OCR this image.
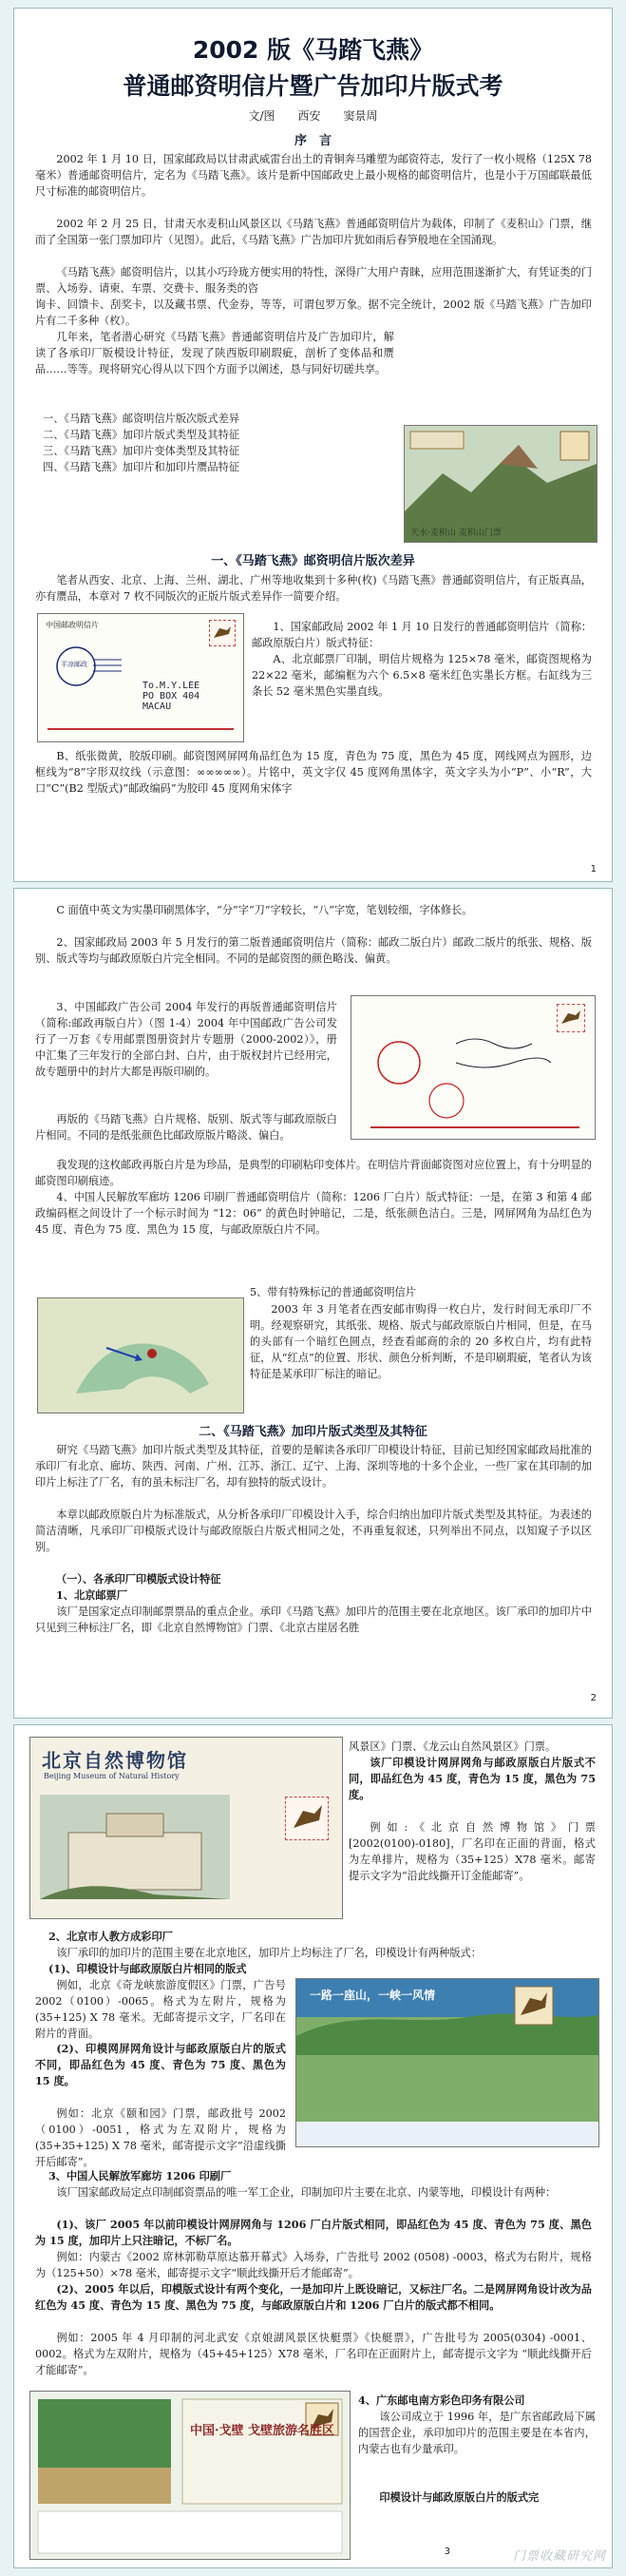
2002 版《马踏飞燕》
普通邮资明信片暨广告加印片版式考
文/图　　西安　　窦景周
序　言
2002 年 1 月 10 日，国家邮政局以甘肃武威雷台出土的青铜奔马雕塑为邮资符志，发行了一枚小规格（125X 78 毫米）普通邮资明信片，定名为《马踏飞燕》。该片是新中国邮政史上最小规格的邮资明信片，也是小于万国邮联最低尺寸标准的邮资明信片。
2002 年 2 月 25 日，甘肃天水麦积山风景区以《马踏飞燕》普通邮资明信片为载体，印制了《麦积山》门票，继而了全国第一张门票加印片（见图）。此后，《马踏飞燕》广告加印片犹如雨后春笋般地在全国涌现。
《马踏飞燕》邮资明信片，以其小巧玲珑方便实用的特性，深得广大用户青睐，应用范围遂渐扩大，有凭证类的门票、入场券、请柬、车票、交费卡、服务类的咨
询卡、回馈卡、刮奖卡，以及藏书票、代金券，等等，可谓包罗万象。据不完全统计，2002 版《马踏飞燕》广告加印片有二千多种（枚）。
几年来，笔者潜心研究《马踏飞燕》普通邮资明信片及广告加印片，解读了各承印厂版模设计特征，发现了陕西版印刷瑕疵，剖析了变体品和赝品……等等。现将研究心得从以下四个方面予以阐述，恳与同好切磋共享。
一、《马踏飞燕》邮资明信片版次版式差异
二、《马踏飞燕》加印片版式类型及其特征
三、《马踏飞燕》加印片变体类型及其特征
四、《马踏飞燕》加印片和加印片赝品特征
天水·麦积山 麦积山门票
一、《马踏飞燕》邮资明信片版次差异
笔者从西安、北京、上海、兰州、湖北、广州等地收集到十多种(枚)《马踏飞燕》普通邮资明信片，有正版真品，亦有赝品，本章对 7 枚不同版次的正版片版式差异作一简要介绍。
中国邮政明信片
平凉邮政
To.M.Y.LEE
PO BOX 404
MACAU
1、国家邮政局 2002 年 1 月 10 日发行的普通邮资明信片（简称：邮政原版白片）版式特征：
A、北京邮票厂印制，明信片规格为 125×78 毫米，邮资图规格为 22×22 毫米，邮编框为六个 6.5×8 毫米红色实墨长方框。右缸线为三条长 52 毫米黑色实墨直线。
B、纸张微黄，胶版印刷。邮资图网屏网角品红色为 15 度，青色为 75 度，黑色为 45 度，网线网点为圆形，边框线为“8”字形双纹线（示意图：∞∞∞∞∞）。片铭中，英文字仅 45 度网角黑体字，英文字头为小“P”、小“R”，大口“C”(B2 型版式)“邮政编码”为胶印 45 度网角宋体字
1
C 面值中英文为实墨印刷黑体字，“分”字“刀”字较长，“八”字宽，笔划较细，字体修长。
2、国家邮政局 2003 年 5 月发行的第二版普通邮资明信片（简称：邮政二版白片）邮政二版片的纸张、规格、版别、版式等均与邮政原版白片完全相同。不同的是邮资图的颜色略浅、偏黄。
3、中国邮政广告公司 2004 年发行的再版普通邮资明信片（简称:邮政再版白片）（图 1-4）2004 年中国邮政广告公司发行了一万套《专用邮票图册资封片专题册（2000-2002）》，册中汇集了三年发行的全部白封、白片，由于版权封片已经用完，故专题册中的封片大都是再版印刷的。
再版的《马踏飞燕》白片规格、版别、版式等与邮政原版白片相同。不同的是纸张颜色比邮政原版片略淡、偏白。
我发现的这枚邮政再版白片是为珍品，是典型的印刷粘印变体片。在明信片背面邮资图对应位置上，有十分明显的邮资图印刷痕迹。
4、中国人民解放军廊坊 1206 印刷厂普通邮资明信片（简称：1206 厂白片）版式特征：一是，在第 3 和第 4 邮政编码框之间设计了一个标示时间为 “12：06” 的黄色时钟暗记，二是，纸张颜色洁白。三是，网屏网角为品红色为 45 度、青色为 75 度、黑色为 15 度，与邮政原版白片不同。
5、带有特殊标记的普通邮资明信片
2003 年 3 月笔者在西安邮市购得一枚白片，发行时间无承印厂不明。经观察研究，其纸张、规格、版式与邮政原版白片相同，但是，在马的头部有一个暗红色圆点，经查看邮商的余的 20 多枚白片，均有此特征，从“红点”的位置、形状、颜色分析判断，不是印刷瑕疵，笔者认为该特征是某承印厂标注的暗记。
二、《马踏飞燕》加印片版式类型及其特征
研究《马踏飞燕》加印片版式类型及其特征，首要的是解读各承印厂印模设计特征，目前已知经国家邮政局批准的承印厂有北京、廊坊、陕西、河南、广州、江苏、浙江、辽宁、上海、深圳等地的十多个企业，一些厂家在其印制的加印片上标注了厂名，有的虽未标注厂名，却有独特的版式设计。
本章以邮政原版白片为标准版式，从分析各承印厂印模设计入手，综合归纳出加印片版式类型及其特征。为表述的简洁清晰，凡承印厂印模版式设计与邮政原版白片版式相同之处，不再重复叙述，只列举出不同点，以知窥子予以区别。
（一）、各承印厂印模版式设计特征
1、北京邮票厂
该厂是国家定点印制邮票票品的重点企业。承印《马踏飞燕》加印片的范围主要在北京地区。该厂承印的加印片中只见到三种标注厂名，即《北京自然博物馆》门票、《北京古崖居名胜
2
北京自然博物馆
Beijing Museum of Natural History
风景区》门票、《龙云山自然风景区》门票。
该厂印模设计网屏网角与邮政原版白片版式不同，即品红色为 45 度，青色为 15 度，黑色为 75 度。
例如:《北京自然博物馆》门票 [2002(0100)-0180]，厂名印在正面的背面，格式为左单排片，规格为（35+125）X78 毫米。邮寄提示文字为“沿此线撕开订金能邮寄”。
2、北京市人教方成彩印厂
该厂承印的加印片的范围主要在北京地区，加印片上均标注了厂名，印模设计有两种版式：
(1)、印模设计与邮政原版白片相同的版式
例如，北京《奇龙峡旅游度假区》门票，广告号 2002（0100）-0065。格式为左附片，规格为 (35+125) X 78 毫米。无邮寄提示文字，厂名印在附片的背面。
(2)、印模网屏网角设计与邮政原版白片的版式不同，即品红色为 45 度、青色为 75 度、黑色为 15 度。
例如：北京《颐和园》门票，邮政批号 2002（0100）-0051，格式为左双附片，规格为 (35+35+125) X 78 毫米，邮寄提示文字“沿虚线撕开后邮寄”。
一路一座山，一峡一风情
3、中国人民解放军廊坊 1206 印刷厂
该厂国家邮政局定点印制邮资票品的唯一军工企业，印制加印片主要在北京、内蒙等地，印模设计有两种：
(1)、该厂 2005 年以前印模设计网屏网角与 1206 厂白片版式相同，即品红色为 45 度、青色为 75 度、黑色为 15 度，加印片上只注暗记，不标厂名。
例如：内蒙古《2002 席林郭勒草原达慕开幕式》入场券，广告批号 2002 (0508) -0003，格式为右附片，规格为（125+50）×78 毫米，邮寄提示文字“顺此线撕开后才能邮寄”。
(2)、2005 年以后，印模版式设计有两个变化，一是加印片上既设暗记，又标注厂名。二是网屏网角设计改为品红色为 45 度、青色为 15 度、黑色为 75 度，与邮政原版白片和 1206 厂白片的版式都不相同。
例如：2005 年 4 月印制的河北武安《京娘湖风景区快艇票》《快艇票》，广告批号为 2005(0304) -0001、0002。格式为左双附片，规格为（45+45+125）X78 毫米，厂名印在正面附片上，邮寄提示文字为 “顺此线撕开后才能邮寄”。
中国·戈壁 戈壁旅游名胜区
4、广东邮电南方彩色印务有限公司
该公司成立于 1996 年，是广东省邮政局下属的国营企业，承印加印片的范围主要是在本省内，内蒙古也有少量承印。
印模设计与邮政原版白片的版式完
3	门票收藏研究网
